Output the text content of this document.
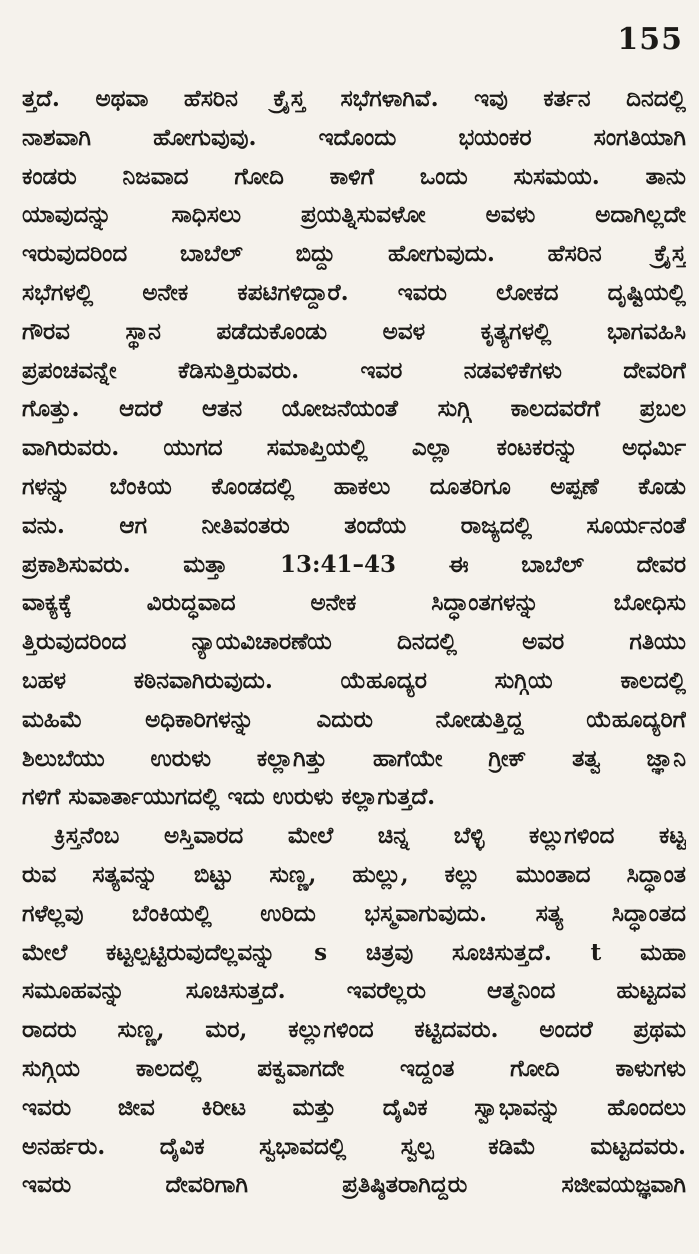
155
ತ್ತದೆ. ಅಥವಾ ಹೆಸರಿನ ಕ್ರೈಸ್ತ ಸಭೆಗಳಾಗಿವೆ. ಇವು ಕರ್ತನ ದಿನದಲ್ಲಿ
ನಾಶವಾಗಿ ಹೋಗುವುವು. ಇದೊಂದು ಭಯಂಕರ ಸಂಗತಿಯಾಗಿ
ಕಂಡರು ನಿಜವಾದ ಗೋದಿ ಕಾಳಿಗೆ ಒಂದು ಸುಸಮಯ. ತಾನು
ಯಾವುದನ್ನು ಸಾಧಿಸಲು ಪ್ರಯತ್ನಿಸುವಳೋ ಅವಳು ಅದಾಗಿಲ್ಲದೇ
ಇರುವುದರಿಂದ ಬಾಬೆಲ್ ಬಿದ್ದು ಹೋಗುವುದು. ಹೆಸರಿನ ಕ್ರೈಸ್ತ
ಸಭೆಗಳಲ್ಲಿ ಅನೇಕ ಕಪಟಿಗಳಿದ್ದಾರೆ. ಇವರು ಲೋಕದ ದೃಷ್ಟಿಯಲ್ಲಿ
ಗೌರವ ಸ್ಥಾನ ಪಡೆದುಕೊಂಡು ಅವಳ ಕೃತ್ಯಗಳಲ್ಲಿ ಭಾಗವಹಿಸಿ
ಪ್ರಪಂಚವನ್ನೇ ಕೆಡಿಸುತ್ತಿರುವರು. ಇವರ ನಡವಳಿಕೆಗಳು ದೇವರಿಗೆ
ಗೊತ್ತು. ಆದರೆ ಆತನ ಯೋಜನೆಯಂತೆ ಸುಗ್ಗಿ ಕಾಲದವರೆಗೆ ಪ್ರಬಲ
ವಾಗಿರುವರು. ಯುಗದ ಸಮಾಪ್ತಿಯಲ್ಲಿ ಎಲ್ಲಾ ಕಂಟಕರನ್ನು ಅಧರ್ಮಿ
ಗಳನ್ನು ಬೆಂಕಿಯ ಕೊಂಡದಲ್ಲಿ ಹಾಕಲು ದೂತರಿಗೂ ಅಪ್ಪಣೆ ಕೊಡು
ವನು. ಆಗ ನೀತಿವಂತರು ತಂದೆಯ ರಾಜ್ಯದಲ್ಲಿ ಸೂರ್ಯನಂತೆ
ಪ್ರಕಾಶಿಸುವರು. ಮತ್ತಾ 13:41–43 ಈ ಬಾಬೆಲ್ ದೇವರ
ವಾಕ್ಯಕ್ಕೆ ವಿರುದ್ಧವಾದ ಅನೇಕ ಸಿದ್ಧಾಂತಗಳನ್ನು ಬೋಧಿಸು
ತ್ತಿರುವುದರಿಂದ ನ್ಯಾಯವಿಚಾರಣೆಯ ದಿನದಲ್ಲಿ ಅವರ ಗತಿಯು
ಬಹಳ ಕಠಿನವಾಗಿರುವುದು. ಯೆಹೂದ್ಯರ ಸುಗ್ಗಿಯ ಕಾಲದಲ್ಲಿ
ಮಹಿಮೆ ಅಧಿಕಾರಿಗಳನ್ನು ಎದುರು ನೋಡುತ್ತಿದ್ದ ಯೆಹೂದ್ಯರಿಗೆ
ಶಿಲುಬೆಯು ಉರುಳು ಕಲ್ಲಾಗಿತ್ತು ಹಾಗೆಯೇ ಗ್ರೀಕ್ ತತ್ವ ಜ್ಞಾನಿ
ಗಳಿಗೆ ಸುವಾರ್ತಾಯುಗದಲ್ಲಿ ಇದು ಉರುಳು ಕಲ್ಲಾಗುತ್ತದೆ.
ಕ್ರಿಸ್ತನೆಂಬ ಅಸ್ತಿವಾರದ ಮೇಲೆ ಚಿನ್ನ ಬೆಳ್ಳಿ ಕಲ್ಲುಗಳಿಂದ ಕಟ್ಟ
ರುವ ಸತ್ಯವನ್ನು ಬಿಟ್ಟು ಸುಣ್ಣ, ಹುಲ್ಲು, ಕಲ್ಲು ಮುಂತಾದ ಸಿದ್ಧಾಂತ
ಗಳೆಲ್ಲವು ಬೆಂಕಿಯಲ್ಲಿ ಉರಿದು ಭಸ್ಮವಾಗುವುದು. ಸತ್ಯ ಸಿದ್ಧಾಂತದ
ಮೇಲೆ ಕಟ್ಟಲ್ಪಟ್ಟಿರುವುದೆಲ್ಲವನ್ನು s ಚಿತ್ರವು ಸೂಚಿಸುತ್ತದೆ. t ಮಹಾ
ಸಮೂಹವನ್ನು ಸೂಚಿಸುತ್ತದೆ. ಇವರೆಲ್ಲರು ಆತ್ಮನಿಂದ ಹುಟ್ಟದವ
ರಾದರು ಸುಣ್ಣ, ಮರ, ಕಲ್ಲುಗಳಿಂದ ಕಟ್ಟಿದವರು. ಅಂದರೆ ಪ್ರಥಮ
ಸುಗ್ಗಿಯ ಕಾಲದಲ್ಲಿ ಪಕ್ವವಾಗದೇ ಇದ್ದಂತ ಗೋದಿ ಕಾಳುಗಳು
ಇವರು ಜೀವ ಕಿರೀಟ ಮತ್ತು ದೈವಿಕ ಸ್ವಾಭಾವನ್ನು ಹೊಂದಲು
ಅನರ್ಹರು. ದೈವಿಕ ಸ್ವಭಾವದಲ್ಲಿ ಸ್ವಲ್ಪ ಕಡಿಮೆ ಮಟ್ಟದವರು.
ಇವರು ದೇವರಿಗಾಗಿ ಪ್ರತಿಷ್ಠಿತರಾಗಿದ್ದರು ಸಜೀವಯಜ್ಞವಾಗಿ
